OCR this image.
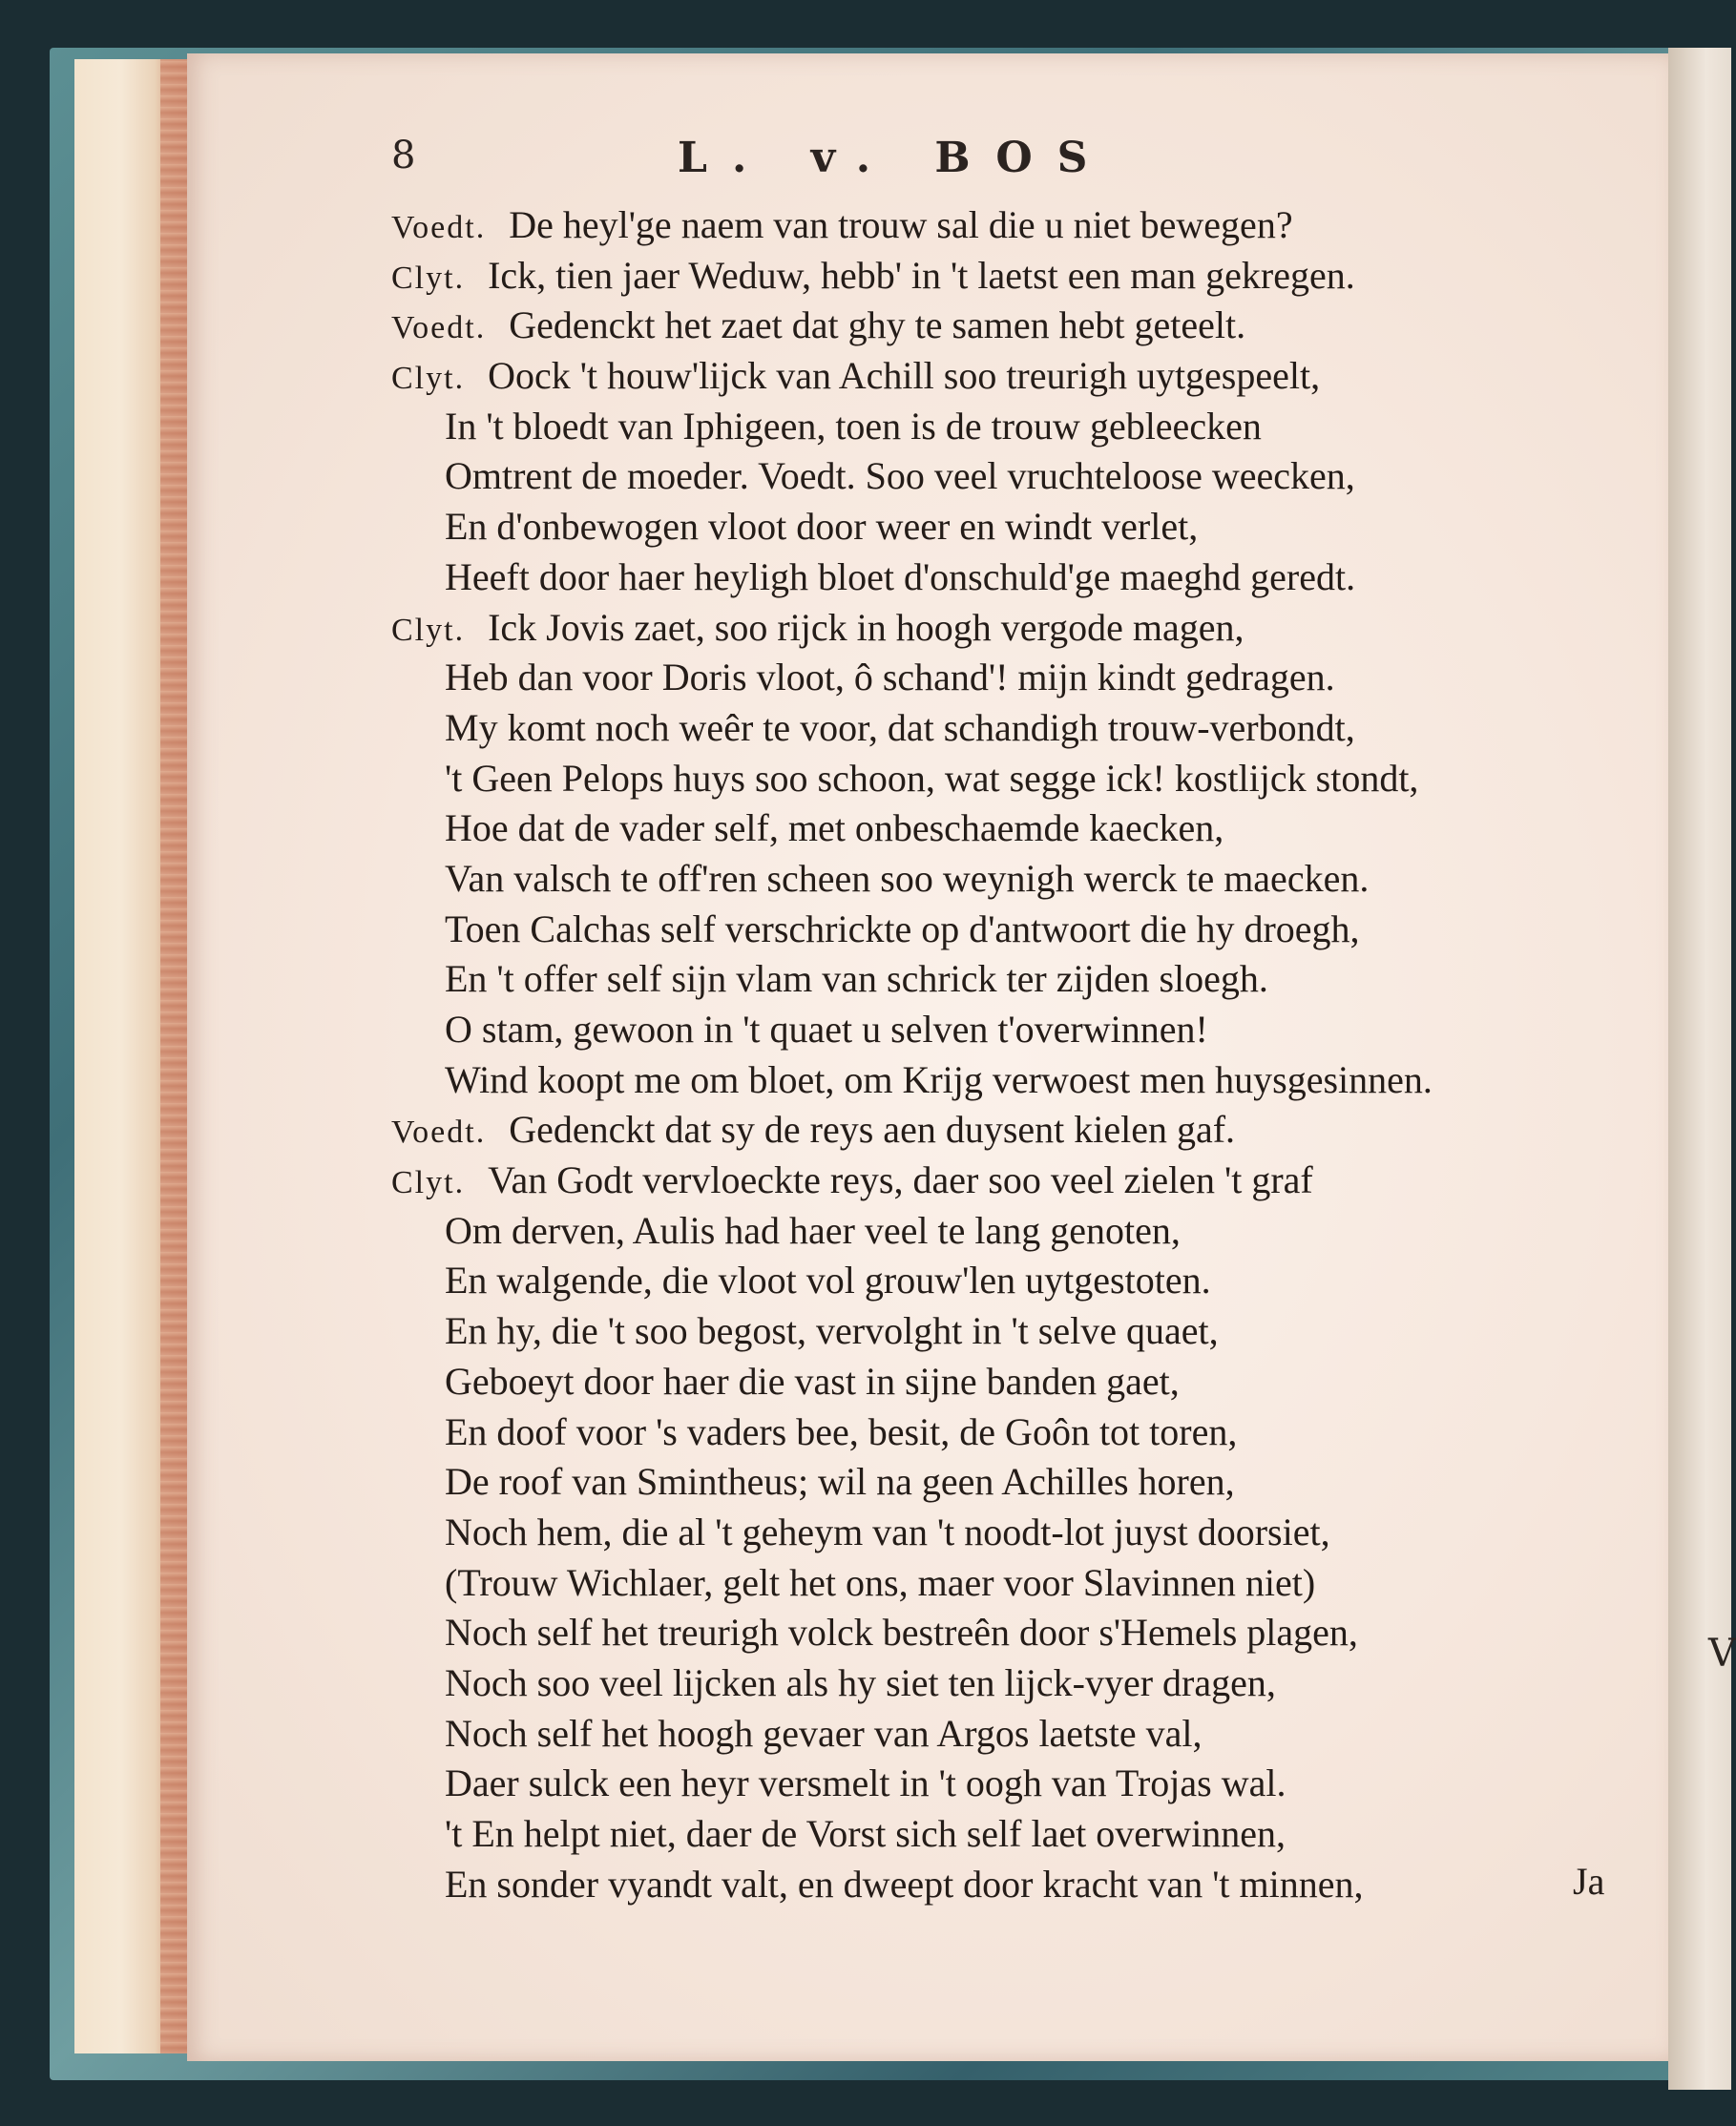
V
8	L. v. BOS
Voedt. De heyl'ge naem van trouw sal die u niet bewegen?
Clyt. Ick, tien jaer Weduw, hebb' in 't laetst een man gekregen.
Voedt. Gedenckt het zaet dat ghy te samen hebt geteelt.
Clyt. Oock 't houw'lijck van Achill soo treurigh uytgespeelt,
In 't bloedt van Iphigeen, toen is de trouw gebleecken
Omtrent de moeder. Voedt. Soo veel vruchteloose weecken,
En d'onbewogen vloot door weer en windt verlet,
Heeft door haer heyligh bloet d'onschuld'ge maeghd geredt.
Clyt. Ick Jovis zaet, soo rijck in hoogh vergode magen,
Heb dan voor Doris vloot, ô schand'! mijn kindt gedragen.
My komt noch weêr te voor, dat schandigh trouw-verbondt,
't Geen Pelops huys soo schoon, wat segge ick! kostlijck stondt,
Hoe dat de vader self, met onbeschaemde kaecken,
Van valsch te off'ren scheen soo weynigh werck te maecken.
Toen Calchas self verschrickte op d'antwoort die hy droegh,
En 't offer self sijn vlam van schrick ter zijden sloegh.
O stam, gewoon in 't quaet u selven t'overwinnen!
Wind koopt me om bloet, om Krijg verwoest men huysgesinnen.
Voedt. Gedenckt dat sy de reys aen duysent kielen gaf.
Clyt. Van Godt vervloeckte reys, daer soo veel zielen 't graf
Om derven, Aulis had haer veel te lang genoten,
En walgende, die vloot vol grouw'len uytgestoten.
En hy, die 't soo begost, vervolght in 't selve quaet,
Geboeyt door haer die vast in sijne banden gaet,
En doof voor 's vaders bee, besit, de Goôn tot toren,
De roof van Smintheus; wil na geen Achilles horen,
Noch hem, die al 't geheym van 't noodt-lot juyst doorsiet,
(Trouw Wichlaer, gelt het ons, maer voor Slavinnen niet)
Noch self het treurigh volck bestreên door s'Hemels plagen,
Noch soo veel lijcken als hy siet ten lijck-vyer dragen,
Noch self het hoogh gevaer van Argos laetste val,
Daer sulck een heyr versmelt in 't oogh van Trojas wal.
't En helpt niet, daer de Vorst sich self laet overwinnen,
En sonder vyandt valt, en dweept door kracht van 't minnen,	Ja
